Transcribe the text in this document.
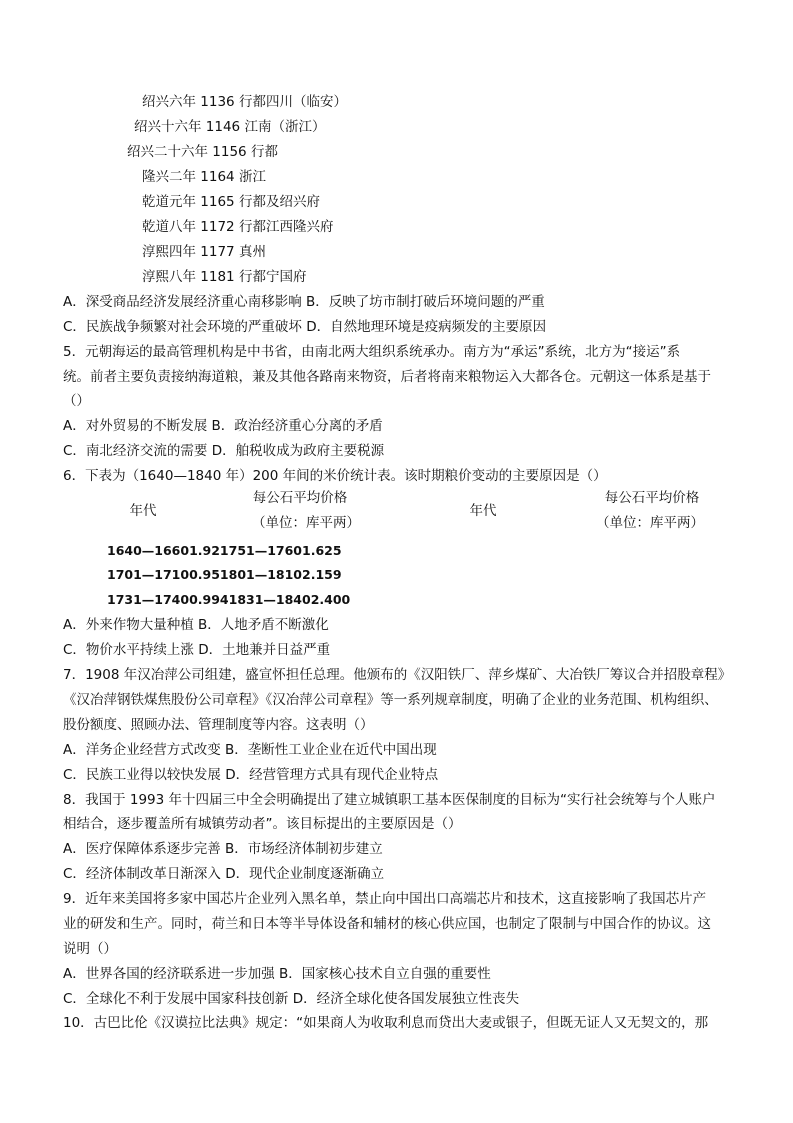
绍兴六年 1136 行都四川（临安）
绍兴十六年 1146 江南（浙江）
绍兴二十六年 1156 行都
隆兴二年 1164 浙江
乾道元年 1165 行都及绍兴府
乾道八年 1172 行都江西隆兴府
淳熙四年 1177 真州
淳熙八年 1181 行都宁国府
A．深受商品经济发展经济重心南移影响 B．反映了坊市制打破后环境问题的严重
C．民族战争频繁对社会环境的严重破坏 D．自然地理环境是疫病频发的主要原因
5．元朝海运的最高管理机构是中书省，由南北两大组织系统承办。南方为“承运”系统，北方为“接运”系
统。前者主要负责接纳海道粮，兼及其他各路南来物资，后者将南来粮物运入大都各仓。元朝这一体系是基于
（）
A．对外贸易的不断发展 B．政治经济重心分离的矛盾
C．南北经济交流的需要 D．舶税收成为政府主要税源
6．下表为（1640—1840 年）200 年间的米价统计表。该时期粮价变动的主要原因是（）
年代
每公石平均价格
（单位：库平两）
年代
每公石平均价格
（单位：库平两）
1640—16601.921751—17601.625
1701—17100.951801—18102.159
1731—17400.9941831—18402.400
A．外来作物大量种植 B．人地矛盾不断激化
C．物价水平持续上涨 D．土地兼并日益严重
7．1908 年汉冶萍公司组建，盛宣怀担任总理。他颁布的《汉阳铁厂、萍乡煤矿、大冶铁厂筹议合并招股章程》
《汉冶萍钢铁煤焦股份公司章程》《汉冶萍公司章程》等一系列规章制度，明确了企业的业务范围、机构组织、
股份额度、照顾办法、管理制度等内容。这表明（）
A．洋务企业经营方式改变 B．垄断性工业企业在近代中国出现
C．民族工业得以较快发展 D．经营管理方式具有现代企业特点
8．我国于 1993 年十四届三中全会明确提出了建立城镇职工基本医保制度的目标为“实行社会统筹与个人账户
相结合，逐步覆盖所有城镇劳动者”。该目标提出的主要原因是（）
A．医疗保障体系逐步完善 B．市场经济体制初步建立
C．经济体制改革日渐深入 D．现代企业制度逐渐确立
9．近年来美国将多家中国芯片企业列入黑名单，禁止向中国出口高端芯片和技术，这直接影响了我国芯片产
业的研发和生产。同时，荷兰和日本等半导体设备和辅材的核心供应国，也制定了限制与中国合作的协议。这
说明（）
A．世界各国的经济联系进一步加强 B．国家核心技术自立自强的重要性
C．全球化不利于发展中国家科技创新 D．经济全球化使各国发展独立性丧失
10．古巴比伦《汉谟拉比法典》规定：“如果商人为收取利息而贷出大麦或银子，但既无证人又无契文的，那
